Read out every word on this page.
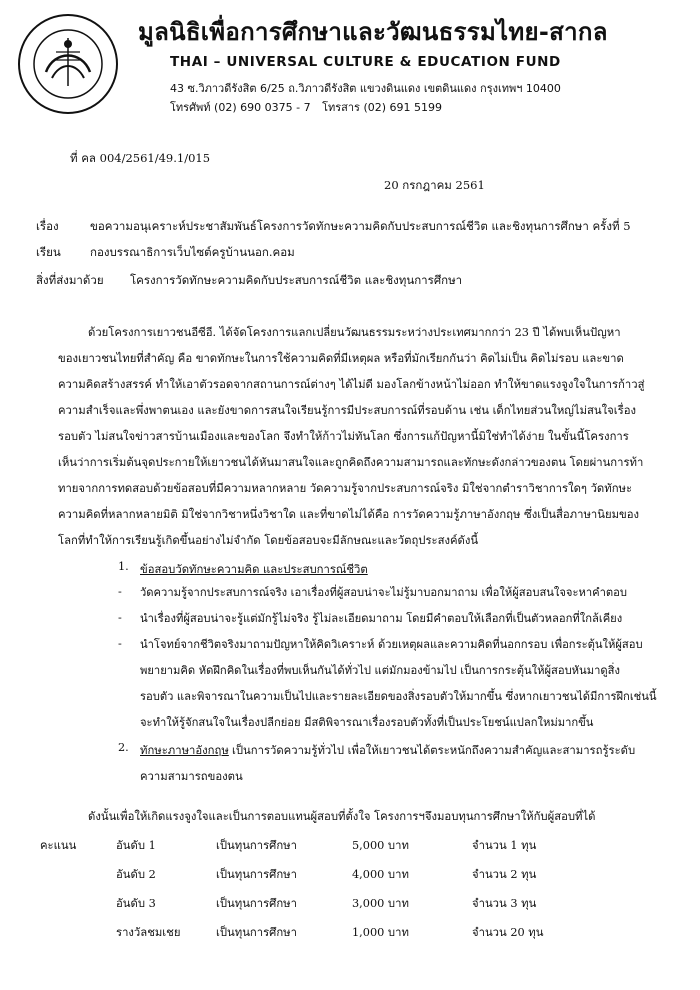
มูลนิธิเพื่อการศึกษาและวัฒนธรรมไทย-สากล
THAI – UNIVERSAL CULTURE & EDUCATION FUND
43 ซ.วิภาวดีรังสิต 6/25 ถ.วิภาวดีรังสิต แขวงดินแดง เขตดินแดง กรุงเทพฯ 10400
โทรศัพท์ (02) 690 0375 - 7 โทรสาร (02) 691 5199
ที่ คล 004/2561/49.1/015
20 กรกฎาคม 2561
เรื่อง	ขอความอนุเคราะห์ประชาสัมพันธ์โครงการวัดทักษะความคิดกับประสบการณ์ชีวิต และชิงทุนการศึกษา ครั้งที่ 5
เรียน	กองบรรณาธิการเว็บไซต์ครูบ้านนอก.คอม
สิ่งที่ส่งมาด้วย โครงการวัดทักษะความคิดกับประสบการณ์ชีวิต และชิงทุนการศึกษา
ด้วยโครงการเยาวชนอีซีอี. ได้จัดโครงการแลกเปลี่ยนวัฒนธรรมระหว่างประเทศมากกว่า 23 ปี ได้พบเห็นปัญหา
ของเยาวชนไทยที่สำคัญ คือ ขาดทักษะในการใช้ความคิดที่มีเหตุผล หรือที่มักเรียกกันว่า คิดไม่เป็น คิดไม่รอบ และขาด
ความคิดสร้างสรรค์ ทำให้เอาตัวรอดจากสถานการณ์ต่างๆ ได้ไม่ดี มองโลกข้างหน้าไม่ออก ทำให้ขาดแรงจูงใจในการก้าวสู่
ความสำเร็จและพึ่งพาตนเอง และยังขาดการสนใจเรียนรู้การมีประสบการณ์ที่รอบด้าน เช่น เด็กไทยส่วนใหญ่ไม่สนใจเรื่อง
รอบตัว ไม่สนใจข่าวสารบ้านเมืองและของโลก จึงทำให้ก้าวไม่ทันโลก ซึ่งการแก้ปัญหานี้มิใช่ทำได้ง่าย ในขั้นนี้โครงการ
เห็นว่าการเริ่มต้นจุดประกายให้เยาวชนได้หันมาสนใจและถูกคิดถึงความสามารถและทักษะดังกล่าวของตน โดยผ่านการท้า
ทายจากการทดสอบด้วยข้อสอบที่มีความหลากหลาย วัดความรู้จากประสบการณ์จริง มิใช่จากตำราวิชาการใดๆ วัดทักษะ
ความคิดที่หลากหลายมิติ มิใช่จากวิชาหนึ่งวิชาใด และที่ขาดไม่ได้คือ การวัดความรู้ภาษาอังกฤษ ซึ่งเป็นสื่อภาษานิยมของ
โลกที่ทำให้การเรียนรู้เกิดขึ้นอย่างไม่จำกัด โดยข้อสอบจะมีลักษณะและวัตถุประสงค์ดังนี้
1. ข้อสอบวัดทักษะความคิด และประสบการณ์ชีวิต
- วัดความรู้จากประสบการณ์จริง เอาเรื่องที่ผู้สอบน่าจะไม่รู้มาบอกมาถาม เพื่อให้ผู้สอบสนใจจะหาคำตอบ
- นำเรื่องที่ผู้สอบน่าจะรู้แต่มักรู้ไม่จริง รู้ไม่ละเอียดมาถาม โดยมีคำตอบให้เลือกที่เป็นตัวหลอกที่ใกล้เคียง
- นำโจทย์จากชีวิตจริงมาถามปัญหาให้คิดวิเคราะห์ ด้วยเหตุผลและความคิดที่นอกกรอบ เพื่อกระตุ้นให้ผู้สอบ
พยายามคิด หัดฝึกคิดในเรื่องที่พบเห็นกันได้ทั่วไป แต่มักมองข้ามไป เป็นการกระตุ้นให้ผู้สอบหันมาดูสิ่ง
รอบตัว และพิจารณาในความเป็นไปและรายละเอียดของสิ่งรอบตัวให้มากขึ้น ซึ่งหากเยาวชนได้มีการฝึกเช่นนี้
จะทำให้รู้จักสนใจในเรื่องปลีกย่อย มีสติพิจารณาเรื่องรอบตัวทั้งที่เป็นประโยชน์แปลกใหม่มากขึ้น
2. ทักษะภาษาอังกฤษ เป็นการวัดความรู้ทั่วไป เพื่อให้เยาวชนได้ตระหนักถึงความสำคัญและสามารถรู้ระดับ
ความสามารถของตน
ดังนั้นเพื่อให้เกิดแรงจูงใจและเป็นการตอบแทนผู้สอบที่ตั้งใจ โครงการฯจึงมอบทุนการศึกษาให้กับผู้สอบที่ได้
คะแนน	อันดับ 1	เป็นทุนการศึกษา	5,000 บาท	จำนวน 1 ทุน
	อันดับ 2	เป็นทุนการศึกษา	4,000 บาท	จำนวน 2 ทุน
	อันดับ 3	เป็นทุนการศึกษา	3,000 บาท	จำนวน 3 ทุน
	รางวัลชมเชย	เป็นทุนการศึกษา	1,000 บาท	จำนวน 20 ทุน
